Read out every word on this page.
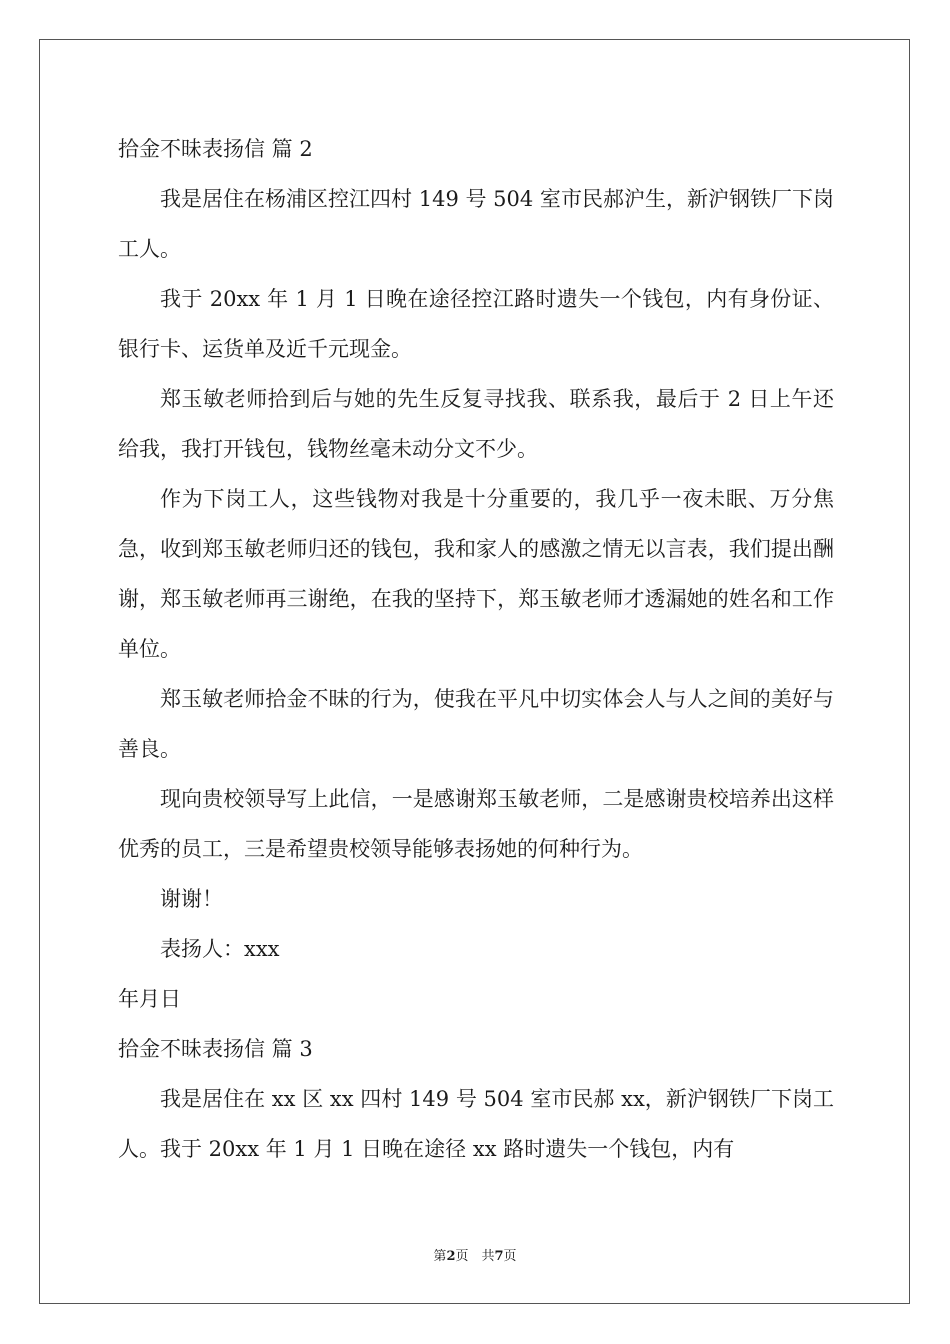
拾金不昧表扬信 篇 2

我是居住在杨浦区控江四村 149 号 504 室市民郝沪生，新沪钢铁厂下岗工人。

我于 20xx 年 1 月 1 日晚在途径控江路时遗失一个钱包，内有身份证、银行卡、运货单及近千元现金。

郑玉敏老师拾到后与她的先生反复寻找我、联系我，最后于 2 日上午还给我，我打开钱包，钱物丝毫未动分文不少。

作为下岗工人，这些钱物对我是十分重要的，我几乎一夜未眠、万分焦急，收到郑玉敏老师归还的钱包，我和家人的感激之情无以言表，我们提出酬谢，郑玉敏老师再三谢绝，在我的坚持下，郑玉敏老师才透漏她的姓名和工作单位。

郑玉敏老师拾金不昧的行为，使我在平凡中切实体会人与人之间的美好与善良。

现向贵校领导写上此信，一是感谢郑玉敏老师，二是感谢贵校培养出这样优秀的员工，三是希望贵校领导能够表扬她的何种行为。

谢谢！
表扬人：xxx
年月日
拾金不昧表扬信 篇 3

我是居住在 xx 区 xx 四村 149 号 504 室市民郝 xx，新沪钢铁厂下岗工人。我于 20xx 年 1 月 1 日晚在途径 xx 路时遗失一个钱包，内有

第2页　共7页
